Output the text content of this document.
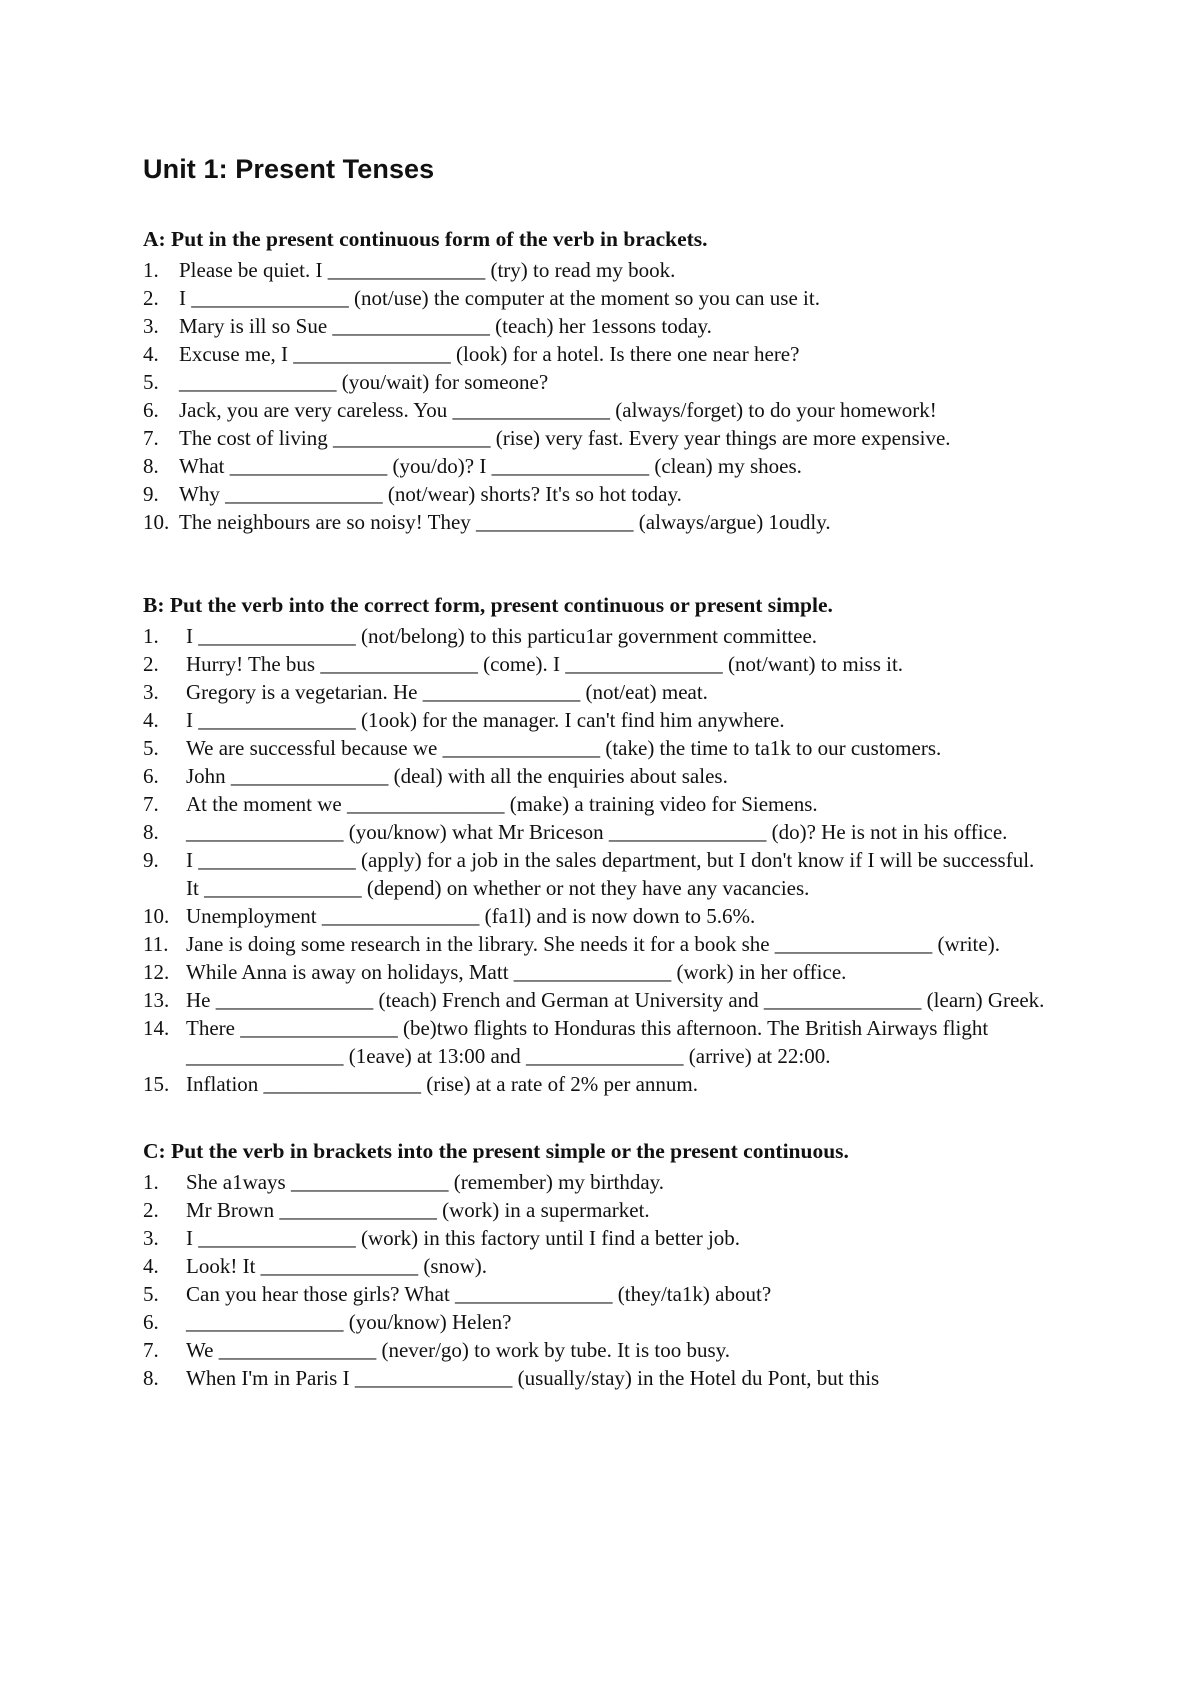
Unit 1: Present Tenses

A: Put in the present continuous form of the verb in brackets.

1. Please be quiet. I _______________ (try) to read my book.
2. I _______________ (not/use) the computer at the moment so you can use it.
3. Mary is ill so Sue _______________ (teach) her 1essons today.
4. Excuse me, I _______________ (look) for a hotel. Is there one near here?
5. _______________ (you/wait) for someone?
6. Jack, you are very careless. You _______________ (always/forget) to do your homework!
7. The cost of living _______________ (rise) very fast. Every year things are more expensive.
8. What _______________ (you/do)? I _______________ (clean) my shoes.
9. Why _______________ (not/wear) shorts? It's so hot today.
10. The neighbours are so noisy! They _______________ (always/argue) 1oudly.

B: Put the verb into the correct form, present continuous or present simple.

1.	I _______________ (not/belong) to this particu1ar government committee.
2.	Hurry! The bus _______________ (come). I _______________ (not/want) to miss it.
3.	Gregory is a vegetarian. He _______________ (not/eat) meat.
4.	I _______________ (1ook) for the manager. I can't find him anywhere.
5.	We are successful because we _______________ (take) the time to ta1k to our customers.
6.	John _______________ (deal) with all the enquiries about sales.
7.	At the moment we _______________ (make) a training video for Siemens.
8.	_______________ (you/know) what Mr Briceson _______________ (do)? He is not in his office.
9.	I _______________ (apply) for a job in the sales department, but I don't know if I will be successful.
It _______________ (depend) on whether or not they have any vacancies.
10. Unemployment _______________ (fa1l) and is now down to 5.6%.
11. Jane is doing some research in the library. She needs it for a book she _______________ (write).
12. While Anna is away on holidays, Matt _______________ (work) in her office.
13. He _______________ (teach) French and German at University and _______________ (learn) Greek.
14. There _______________ (be)two flights to Honduras this afternoon. The British Airways flight _______________ (1eave) at 13:00 and _______________ (arrive) at 22:00.
15. Inflation _______________ (rise) at a rate of 2% per annum.

C: Put the verb in brackets into the present simple or the present continuous.

1.	She a1ways _______________ (remember) my birthday.
2.	Mr Brown _______________ (work) in a supermarket.
3.	I _______________ (work) in this factory until I find a better job.
4.	Look! It _______________ (snow).
5.	Can you hear those girls? What _______________ (they/ta1k) about?
6.	_______________ (you/know) Helen?
7.	We _______________ (never/go) to work by tube. It is too busy.
8.	When I'm in Paris I _______________ (usually/stay) in the Hotel du Pont, but this
